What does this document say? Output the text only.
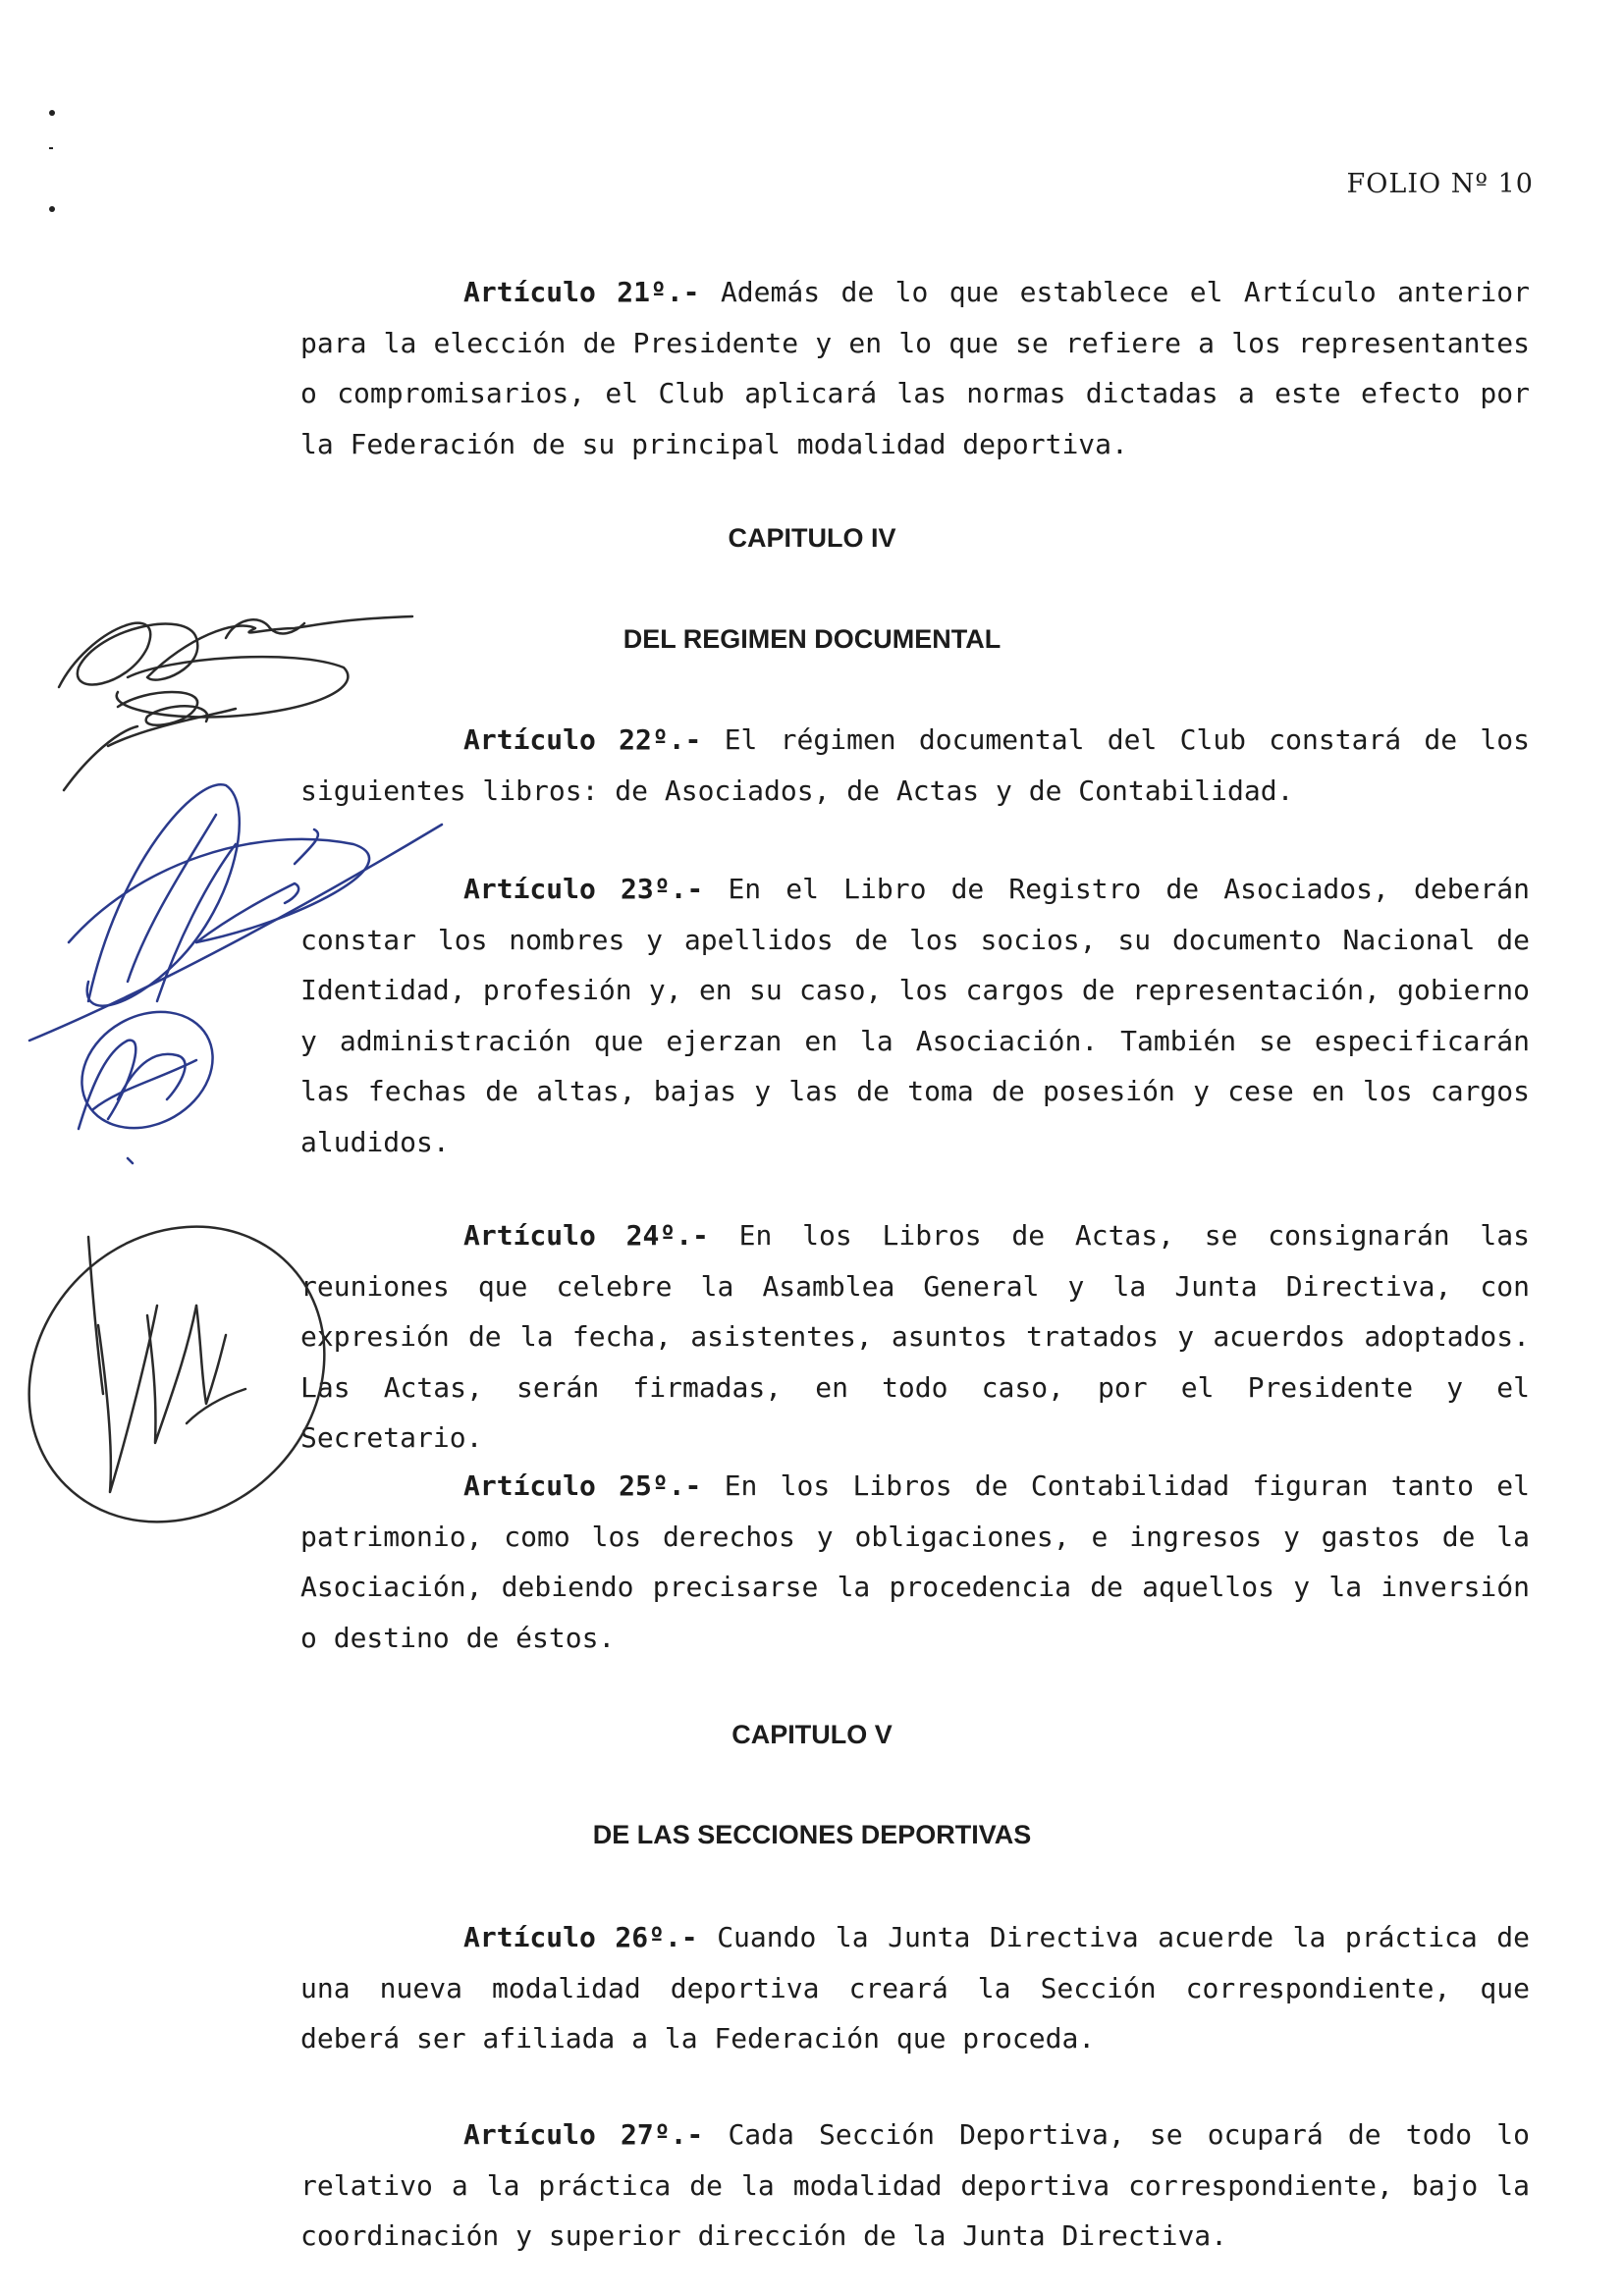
FOLIO Nº 10

Artículo 21º.- Además de lo que establece el Artículo anterior para la elección de Presidente y en lo que se refiere a los representantes o compromisarios, el Club aplicará las normas dictadas a este efecto por la Federación de su principal modalidad deportiva.

CAPITULO IV
DEL REGIMEN DOCUMENTAL

Artículo 22º.- El régimen documental del Club constará de los siguientes libros: de Asociados, de Actas y de Contabilidad.

Artículo 23º.- En el Libro de Registro de Asociados, deberán constar los nombres y apellidos de los socios, su documento Nacional de Identidad, profesión y, en su caso, los cargos de representación, gobierno y administración que ejerzan en la Asociación. También se especificarán las fechas de altas, bajas y las de toma de posesión y cese en los cargos aludidos.

Artículo 24º.- En los Libros de Actas, se consignarán las reuniones que celebre la Asamblea General y la Junta Directiva, con expresión de la fecha, asistentes, asuntos tratados y acuerdos adoptados. Las Actas, serán firmadas, en todo caso, por el Presidente y el Secretario.

Artículo 25º.- En los Libros de Contabilidad figuran tanto el patrimonio, como los derechos y obligaciones, e ingresos y gastos de la Asociación, debiendo precisarse la procedencia de aquellos y la inversión o destino de éstos.

CAPITULO V
DE LAS SECCIONES DEPORTIVAS

Artículo 26º.- Cuando la Junta Directiva acuerde la práctica de una nueva modalidad deportiva creará la Sección correspondiente, que deberá ser afiliada a la Federación que proceda.

Artículo 27º.- Cada Sección Deportiva, se ocupará de todo lo relativo a la práctica de la modalidad deportiva correspondiente, bajo la coordinación y superior dirección de la Junta Directiva.
